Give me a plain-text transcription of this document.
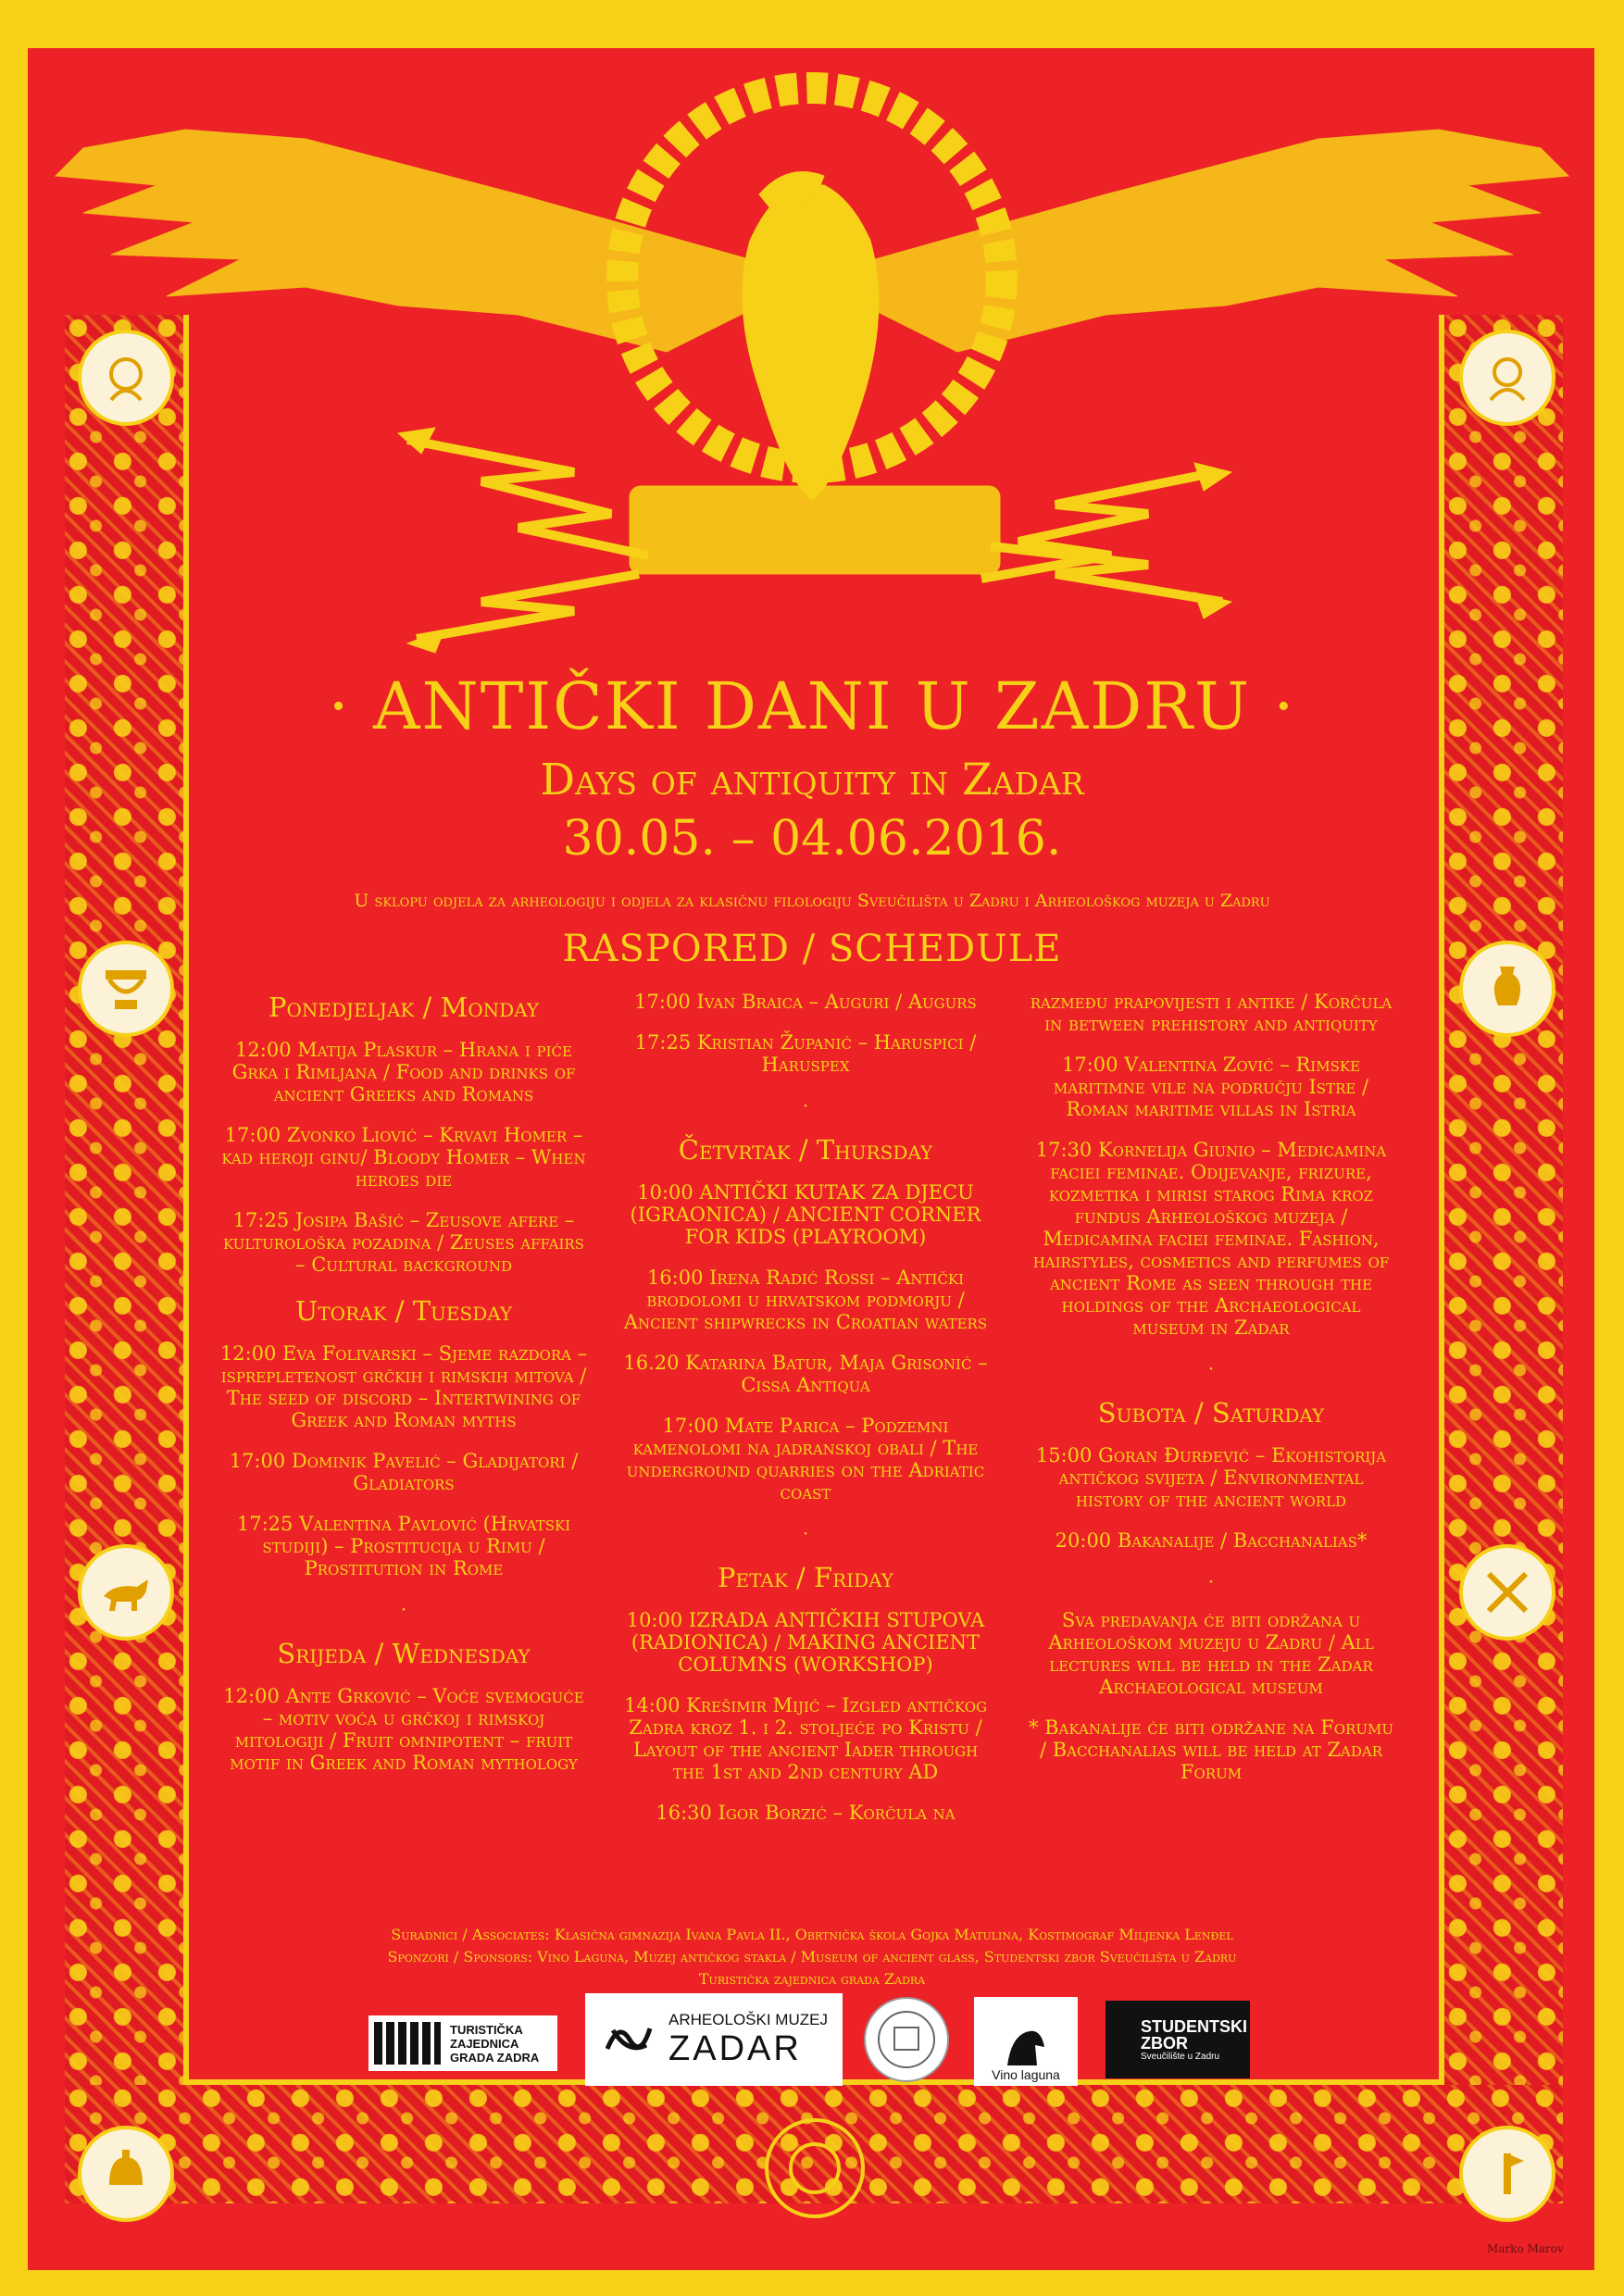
· ANTIČKI DANI U ZADRU ·
Days of antiquity in Zadar
30.05. – 04.06.2016.
U sklopu odjela za arheologiju i odjela za klasičnu filologiju Sveučilišta u Zadru i Arheološkog muzeja u Zadru
RASPORED / SCHEDULE
Ponedjeljak / Monday

12:00 Matija Plaskur – Hrana i piće Grka i Rimljana / Food and drinks of ancient Greeks and Romans

17:00 Zvonko Liović – Krvavi Homer – kad heroji ginu/ Bloody Homer – When heroes die

17:25 Josipa Bašić – Zeusove afere – kulturološka pozadina / Zeuses affairs – Cultural background

Utorak / Tuesday

12:00 Eva Folivarski – Sjeme razdora – isprepletenost grčkih i rimskih mitova / The seed of discord – Intertwining of Greek and Roman myths

17:00 Dominik Pavelić – Gladijatori / Gladiators

17:25 Valentina Pavlović (Hrvatski studiji) – Prostitucija u Rimu / Prostitution in Rome

·
Srijeda / Wednesday

12:00 Ante Grković – Voće svemoguće – motiv voća u grčkoj i rimskoj mitologiji / Fruit omnipotent – fruit motif in Greek and Roman mythology

17:00 Ivan Braica – Auguri / Augurs

17:25 Kristian Županić – Haruspici / Haruspex

·
Četvrtak / Thursday

10:00 ANTIČKI KUTAK ZA DJECU (IGRAONICA) / ANCIENT CORNER FOR KIDS (PLAYROOM)

16:00 Irena Radić Rossi – Antički brodolomi u hrvatskom podmorju / Ancient shipwrecks in Croatian waters

16.20 Katarina Batur, Maja Grisonić – Cissa Antiqua

17:00 Mate Parica – Podzemni kamenolomi na jadranskoj obali / The underground quarries on the Adriatic coast

·
Petak / Friday

10:00 IZRADA ANTIČKIH STUPOVA (RADIONICA) / MAKING ANCIENT COLUMNS (WORKSHOP)

14:00 Krešimir Mijić – Izgled antičkog Zadra kroz 1. i 2. stoljeće po Kristu / Layout of the ancient Iader through the 1st and 2nd century AD

16:30 Igor Borzić – Korčula na

razmeđu prapovijesti i antike / Korčula in between prehistory and antiquity

17:00 Valentina Zović – Rimske maritimne vile na području Istre / Roman maritime villas in Istria

17:30 Kornelija Giunio – Medicamina faciei feminae. Odijevanje, frizure, kozmetika i mirisi starog Rima kroz fundus Arheološkog muzeja / Medicamina faciei feminae. Fashion, hairstyles, cosmetics and perfumes of ancient Rome as seen through the holdings of the Archaeological museum in Zadar

·
Subota / Saturday

15:00 Goran Đurđević – Ekohistorija antičkog svijeta / Environmental history of the ancient world

20:00 Bakanalije / Bacchanalias*

·

Sva predavanja će biti održana u Arheološkom muzeju u Zadru / All lectures will be held in the Zadar Archaeological museum

* Bakanalije će biti održane na Forumu / Bacchanalias will be held at Zadar Forum

Suradnici / Associates: Klasična gimnazija Ivana Pavla II., Obrtnička škola Gojka Matulina, Kostimograf Miljenka Lenđel
Sponzori / Sponsors: Vino Laguna, Muzej antičkog stakla / Museum of ancient glass, Studentski zbor Sveučilišta u Zadru
Turistička zajednica grada Zadra
TURISTIČKA
ZAJEDNICA
GRADA ZADRA
ARHEOLOŠKI MUZEJ
ZADAR
Vino laguna
STUDENTSKI
ZBOR
Sveučilište u Zadru
Marko Marov
